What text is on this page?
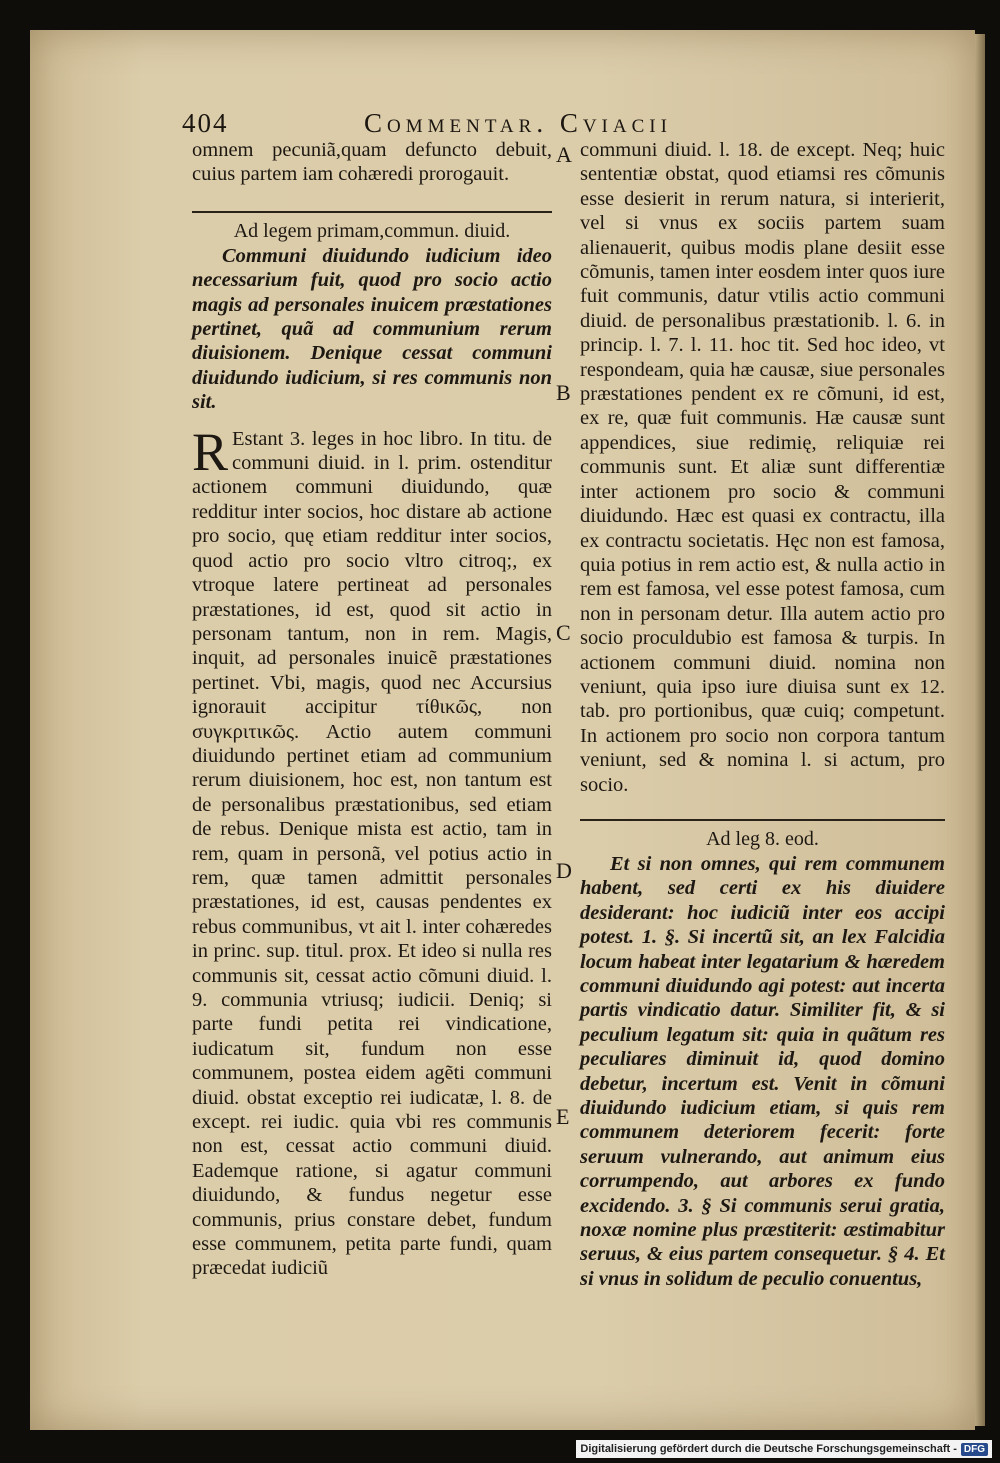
404	Commentar. Cviacii

omnem pecuniã,quam defuncto debuit, cuius partem iam cohæredi prorogauit.

Ad legem primam,commun. diuid.

Communi diuidundo iudicium ideo necessarium fuit, quod pro socio actio magis ad personales inuicem præstationes pertinet, quã ad communium rerum diuisionem. Denique cessat communi diuidundo iudicium, si res communis non sit.

R Estant 3. leges in hoc libro. In titu. de communi diuid. in l. prim. ostenditur actionem communi diuidundo, quæ redditur inter socios, hoc distare ab actione pro socio, quę etiam redditur inter socios, quod actio pro socio vltro citroq;, ex vtroque latere pertineat ad personales præstationes, id est, quod sit actio in personam tantum, non in rem. Magis, inquit, ad personales inuicẽ præstationes pertinet. Vbi, magis, quod nec Accursius ignorauit accipitur τίθικῶς, non συγκριτικῶς. Actio autem communi diuidundo pertinet etiam ad communium rerum diuisionem, hoc est, non tantum est de personalibus præstationibus, sed etiam de rebus. Denique mista est actio, tam in rem, quam in personã, vel potius actio in rem, quæ tamen admittit personales præstationes, id est, causas pendentes ex rebus communibus, vt ait l. inter cohæredes in princ. sup. titul. prox. Et ideo si nulla res communis sit, cessat actio cõmuni diuid. l. 9. communia vtriusq; iudicii. Deniq; si parte fundi petita rei vindicatione, iudicatum sit, fundum non esse communem, postea eidem agẽti communi diuid. obstat exceptio rei iudicatæ, l. 8. de except. rei iudic. quia vbi res communis non est, cessat actio communi diuid. Eademque ratione, si agatur communi diuidundo, & fundus negetur esse communis, prius constare debet, fundum esse communem, petita parte fundi, quam præcedat iudiciũ

communi diuid. l. 18. de except. Neq; huic sententiæ obstat, quod etiamsi res cõmunis esse desierit in rerum natura, si interierit, vel si vnus ex sociis partem suam alienauerit, quibus modis plane desiit esse cõmunis, tamen inter eosdem inter quos iure fuit communis, datur vtilis actio communi diuid. de personalibus præstationib. l. 6. in princip. l. 7. l. 11. hoc tit. Sed hoc ideo, vt respondeam, quia hæ causæ, siue personales præstationes pendent ex re cõmuni, id est, ex re, quæ fuit communis. Hæ causæ sunt appendices, siue redimię, reliquiæ rei communis sunt. Et aliæ sunt differentiæ inter actionem pro socio & communi diuidundo. Hæc est quasi ex contractu, illa ex contractu societatis. Hęc non est famosa, quia potius in rem actio est, & nulla actio in rem est famosa, vel esse potest famosa, cum non in personam detur. Illa autem actio pro socio proculdubio est famosa & turpis. In actionem communi diuid. nomina non veniunt, quia ipso iure diuisa sunt ex 12. tab. pro portionibus, quæ cuiq; competunt. In actionem pro socio non corpora tantum veniunt, sed & nomina l. si actum, pro socio.

Ad leg 8. eod.

Et si non omnes, qui rem communem habent, sed certi ex his diuidere desiderant: hoc iudiciũ inter eos accipi potest. 1. §. Si incertũ sit, an lex Falcidia locum habeat inter legatarium & hæredem communi diuidundo agi potest: aut incerta partis vindicatio datur. Similiter fit, & si peculium legatum sit: quia in quãtum res peculiares diminuit id, quod domino debetur, incertum est. Venit in cõmuni diuidundo iudicium etiam, si quis rem communem deteriorem fecerit: forte seruum vulnerando, aut animum eius corrumpendo, aut arbores ex fundo excidendo. 3. § Si communis serui gratia, noxæ nomine plus præstiterit: æstimabitur seruus, & eius partem consequetur. § 4. Et si vnus in solidum de peculio conuentus,

A
B
C
D
E
Digitalisierung gefördert durch die Deutsche Forschungsgemeinschaft - DFG
